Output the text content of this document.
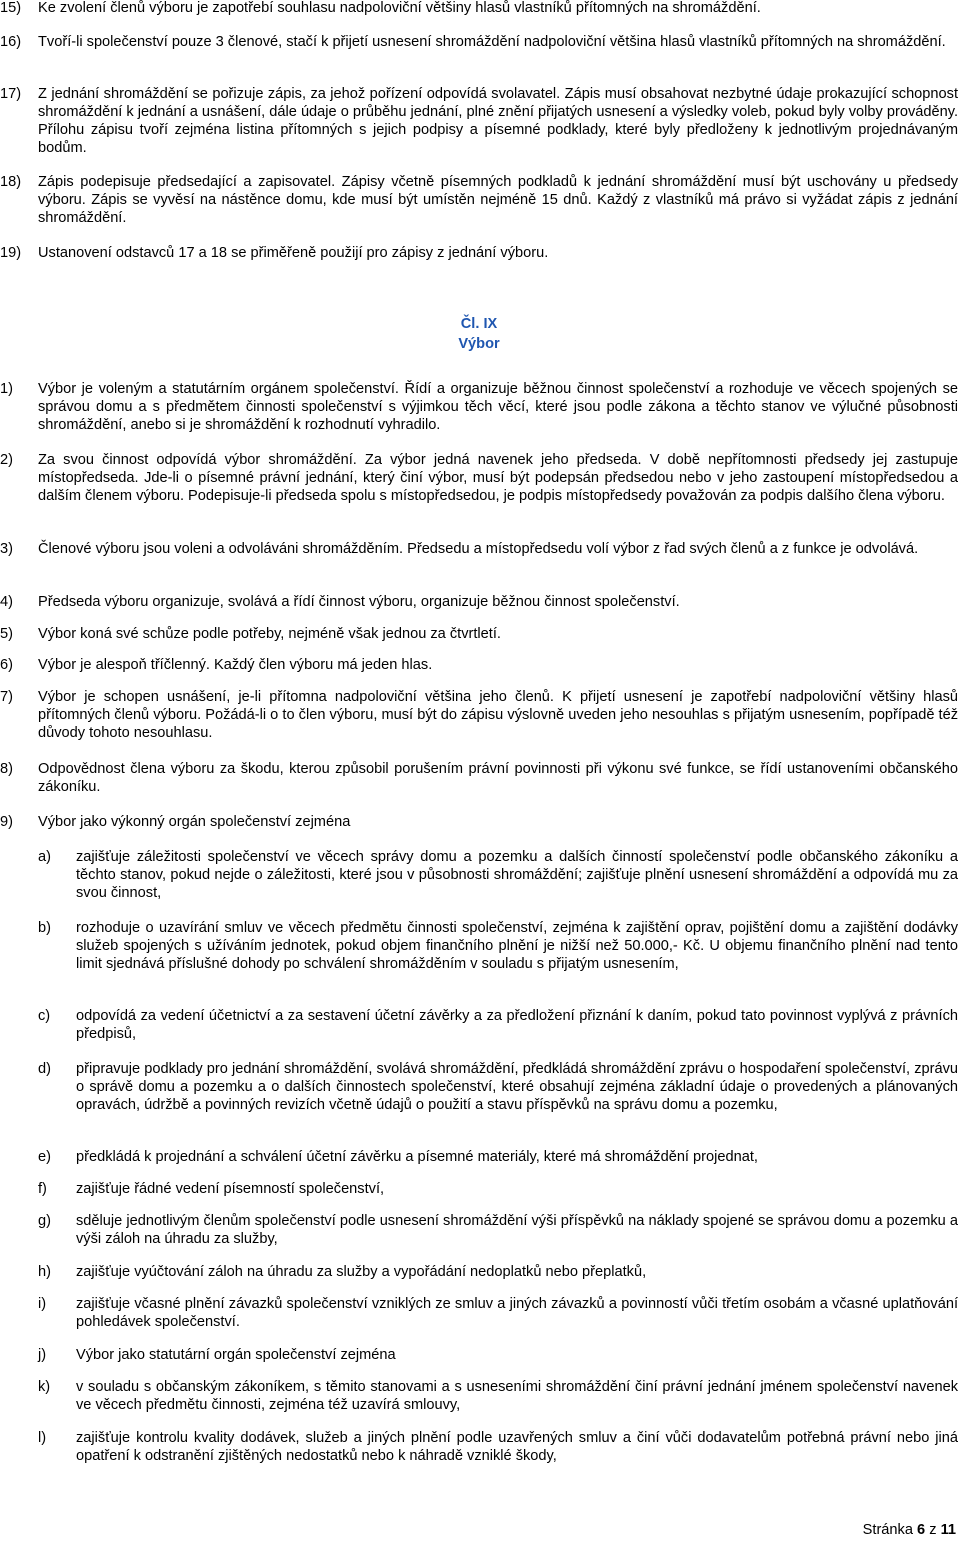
15) Ke zvolení členů výboru je zapotřebí souhlasu nadpoloviční většiny hlasů vlastníků přítomných na shromáždění.
16) Tvoří-li společenství pouze 3 členové, stačí k přijetí usnesení shromáždění nadpoloviční většina hlasů vlastníků přítomných na shromáždění.
17) Z jednání shromáždění se pořizuje zápis, za jehož pořízení odpovídá svolavatel. Zápis musí obsahovat nezbytné údaje prokazující schopnost shromáždění k jednání a usnášení, dále údaje o průběhu jednání, plné znění přijatých usnesení a výsledky voleb, pokud byly volby prováděny. Přílohu zápisu tvoří zejména listina přítomných s jejich podpisy a písemné podklady, které byly předloženy k jednotlivým projednávaným bodům.
18) Zápis podepisuje předsedající a zapisovatel. Zápisy včetně písemných podkladů k jednání shromáždění musí být uschovány u předsedy výboru. Zápis se vyvěsí na nástěnce domu, kde musí být umístěn nejméně 15 dnů. Každý z vlastníků má právo si vyžádat zápis z jednání shromáždění.
19) Ustanovení odstavců 17 a 18 se přiměřeně použijí pro zápisy z jednání výboru.
Čl. IX
Výbor
1) Výbor je voleným a statutárním orgánem společenství. Řídí a organizuje běžnou činnost společenství a rozhoduje ve věcech spojených se správou domu a s předmětem činnosti společenství s výjimkou těch věcí, které jsou podle zákona a těchto stanov ve výlučné působnosti shromáždění, anebo si je shromáždění k rozhodnutí vyhradilo.
2) Za svou činnost odpovídá výbor shromáždění. Za výbor jedná navenek jeho předseda. V době nepřítomnosti předsedy jej zastupuje místopředseda. Jde-li o písemné právní jednání, který činí výbor, musí být podepsán předsedou nebo v jeho zastoupení místopředsedou a dalším členem výboru. Podepisuje-li předseda spolu s místopředsedou, je podpis místopředsedy považován za podpis dalšího člena výboru.
3) Členové výboru jsou voleni a odvoláváni shromážděním. Předsedu a místopředsedu volí výbor z řad svých členů a z funkce je odvolává.
4) Předseda výboru organizuje, svolává a řídí činnost výboru, organizuje běžnou činnost společenství.
5) Výbor koná své schůze podle potřeby, nejméně však jednou za čtvrtletí.
6) Výbor je alespoň tříčlenný. Každý člen výboru má jeden hlas.
7) Výbor je schopen usnášení, je-li přítomna nadpoloviční většina jeho členů. K přijetí usnesení je zapotřebí nadpoloviční většiny hlasů přítomných členů výboru. Požádá-li o to člen výboru, musí být do zápisu výslovně uveden jeho nesouhlas s přijatým usnesením, popřípadě též důvody tohoto nesouhlasu.
8) Odpovědnost člena výboru za škodu, kterou způsobil porušením právní povinnosti při výkonu své funkce, se řídí ustanoveními občanského zákoníku.
9) Výbor jako výkonný orgán společenství zejména
a) zajišťuje záležitosti společenství ve věcech správy domu a pozemku a dalších činností společenství podle občanského zákoníku a těchto stanov, pokud nejde o záležitosti, které jsou v působnosti shromáždění; zajišťuje plnění usnesení shromáždění a odpovídá mu za svou činnost,
b) rozhoduje o uzavírání smluv ve věcech předmětu činnosti společenství, zejména k zajištění oprav, pojištění domu a zajištění dodávky služeb spojených s užíváním jednotek, pokud objem finančního plnění je nižší než 50.000,- Kč. U objemu finančního plnění nad tento limit sjednává příslušné dohody po schválení shromážděním v souladu s přijatým usnesením,
c) odpovídá za vedení účetnictví a za sestavení účetní závěrky a za předložení přiznání k daním, pokud tato povinnost vyplývá z právních předpisů,
d) připravuje podklady pro jednání shromáždění, svolává shromáždění, předkládá shromáždění zprávu o hospodaření společenství, zprávu o správě domu a pozemku a o dalších činnostech společenství, které obsahují zejména základní údaje o provedených a plánovaných opravách, údržbě a povinných revizích včetně údajů o použití a stavu příspěvků na správu domu a pozemku,
e) předkládá k projednání a schválení účetní závěrku a písemné materiály, které má shromáždění projednat,
f) zajišťuje řádné vedení písemností společenství,
g) sděluje jednotlivým členům společenství podle usnesení shromáždění výši příspěvků na náklady spojené se správou domu a pozemku a výši záloh na úhradu za služby,
h) zajišťuje vyúčtování záloh na úhradu za služby a vypořádání nedoplatků nebo přeplatků,
i) zajišťuje včasné plnění závazků společenství vzniklých ze smluv a jiných závazků a povinností vůči třetím osobám a včasné uplatňování pohledávek společenství.
j) Výbor jako statutární orgán společenství zejména
k) v souladu s občanským zákoníkem, s těmito stanovami a s usneseními shromáždění činí právní jednání jménem společenství navenek ve věcech předmětu činnosti, zejména též uzavírá smlouvy,
l) zajišťuje kontrolu kvality dodávek, služeb a jiných plnění podle uzavřených smluv a činí vůči dodavatelům potřebná právní nebo jiná opatření k odstranění zjištěných nedostatků nebo k náhradě vzniklé škody,
Stránka 6 z 11
